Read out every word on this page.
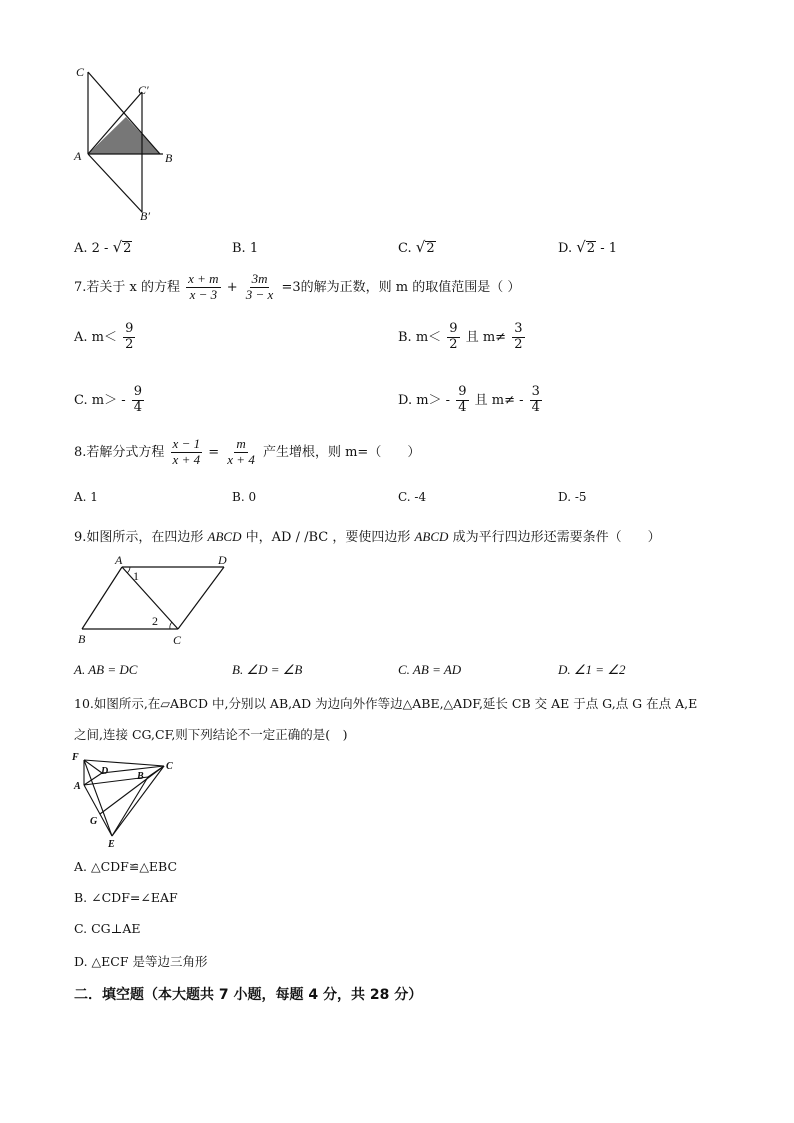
C
C′
A	B
B′
A. 2 - √ 2	B. 1	C. √ 2	D. √ 2 - 1
7.若关于 x 的方程 $\frac{x + m}{x - 3} + \frac{3m}{3 - x} =3$的解为正数，则 m 的取值范围是（ ）
A. $m< \frac{9}{2}$	B. $m< \frac{9}{2}$ 且 $m\ne \frac{3}{2}$
C. $m> - \frac{9}{4}$	D. $m> - \frac{9}{4}$ 且 $m\ne - \frac{3}{4}$
8.若解分式方程 $\frac{x - 1}{x + 4} = \frac{m}{x + 4}$ 产生增根，则 m=（　　）
A. 1	B. 0	C. -4	D. -5
9.如图所示，在四边形 ABCD 中，AD / /BC ，要使四边形 ABCD 成为平行四边形还需要条件（　　）
A	D
B	C
1
2
A. AB = DC	B. ∠D = ∠B	C. AB = AD	D. ∠1 = ∠2
10.如图所示,在▱ABCD 中,分别以 AB,AD 为边向外作等边△ABE,△ADF,延长 CB 交 AE 于点 G,点 G 在点 A,E
之间,连接 CG,CF,则下列结论不一定正确的是(　)
F
D	B
C
A
G
E
A. △CDF≌△EBC
B. ∠CDF=∠EAF
C. CG⊥AE
D. △ECF 是等边三角形
二．填空题（本大题共 7 小题，每题 4 分，共 28 分）
